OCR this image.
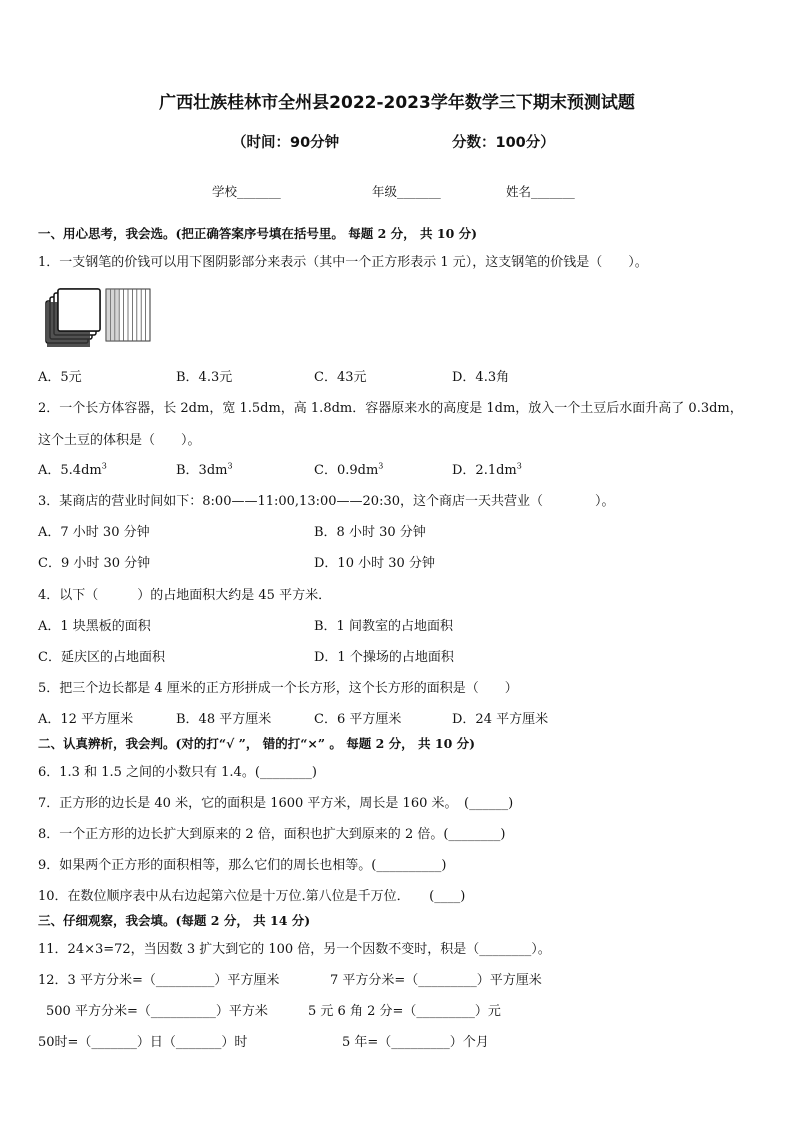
广西壮族桂林市全州县2022-2023学年数学三下期末预测试题
（时间：90分钟	分数：100分）
学校_______	年级_______	姓名_______
一、用心思考，我会选。(把正确答案序号填在括号里。 每题 2 分， 共 10 分)
1．一支钢笔的价钱可以用下图阴影部分来表示（其中一个正方形表示 1 元），这支钢笔的价钱是（　　）。
A．5元	B．4.3元	C．43元	D．4.3角
2．一个长方体容器，长 2dm，宽 1.5dm，高 1.8dm．容器原来水的高度是 1dm，放入一个土豆后水面升高了 0.3dm，
这个土豆的体积是（　　）。
A．$5.4dm^3$	B．$3dm^3$	C．$0.9dm^3$	D．$2.1dm^3$
3．某商店的营业时间如下：8:00——11:00,13:00——20:30，这个商店一天共营业（　　　　）。
A．7 小时 30 分钟	B．8 小时 30 分钟
C．9 小时 30 分钟	D．10 小时 30 分钟
4．以下（　　　）的占地面积大约是 45 平方米．
A．1 块黑板的面积	B．1 间教室的占地面积
C．延庆区的占地面积	D．1 个操场的占地面积
5．把三个边长都是 4 厘米的正方形拼成一个长方形，这个长方形的面积是（　　）
A．12 平方厘米	B．48 平方厘米	C．6 平方厘米	D．24 平方厘米
二、认真辨析，我会判。(对的打“√ ”， 错的打“×” 。 每题 2 分， 共 10 分)
6．1.3 和 1.5 之间的小数只有 1.4。(________)
7．正方形的边长是 40 米，它的面积是 1600 平方米，周长是 160 米。　(______)
8．一个正方形的边长扩大到原来的 2 倍，面积也扩大到原来的 2 倍。(________)
9．如果两个正方形的面积相等，那么它们的周长也相等。(__________)
10．在数位顺序表中从右边起第六位是十万位.第八位是千万位．　　(____)
三、仔细观察，我会填。(每题 2 分， 共 14 分)
11．24×3=72，当因数 3 扩大到它的 100 倍，另一个因数不变时，积是（________）。
12．3 平方分米=（_________）平方厘米	7 平方分米=（_________）平方厘米
500 平方分米=（__________）平方米	5 元 6 角 2 分=（_________）元
50时=（_______）日（_______）时	5 年=（_________）个月
